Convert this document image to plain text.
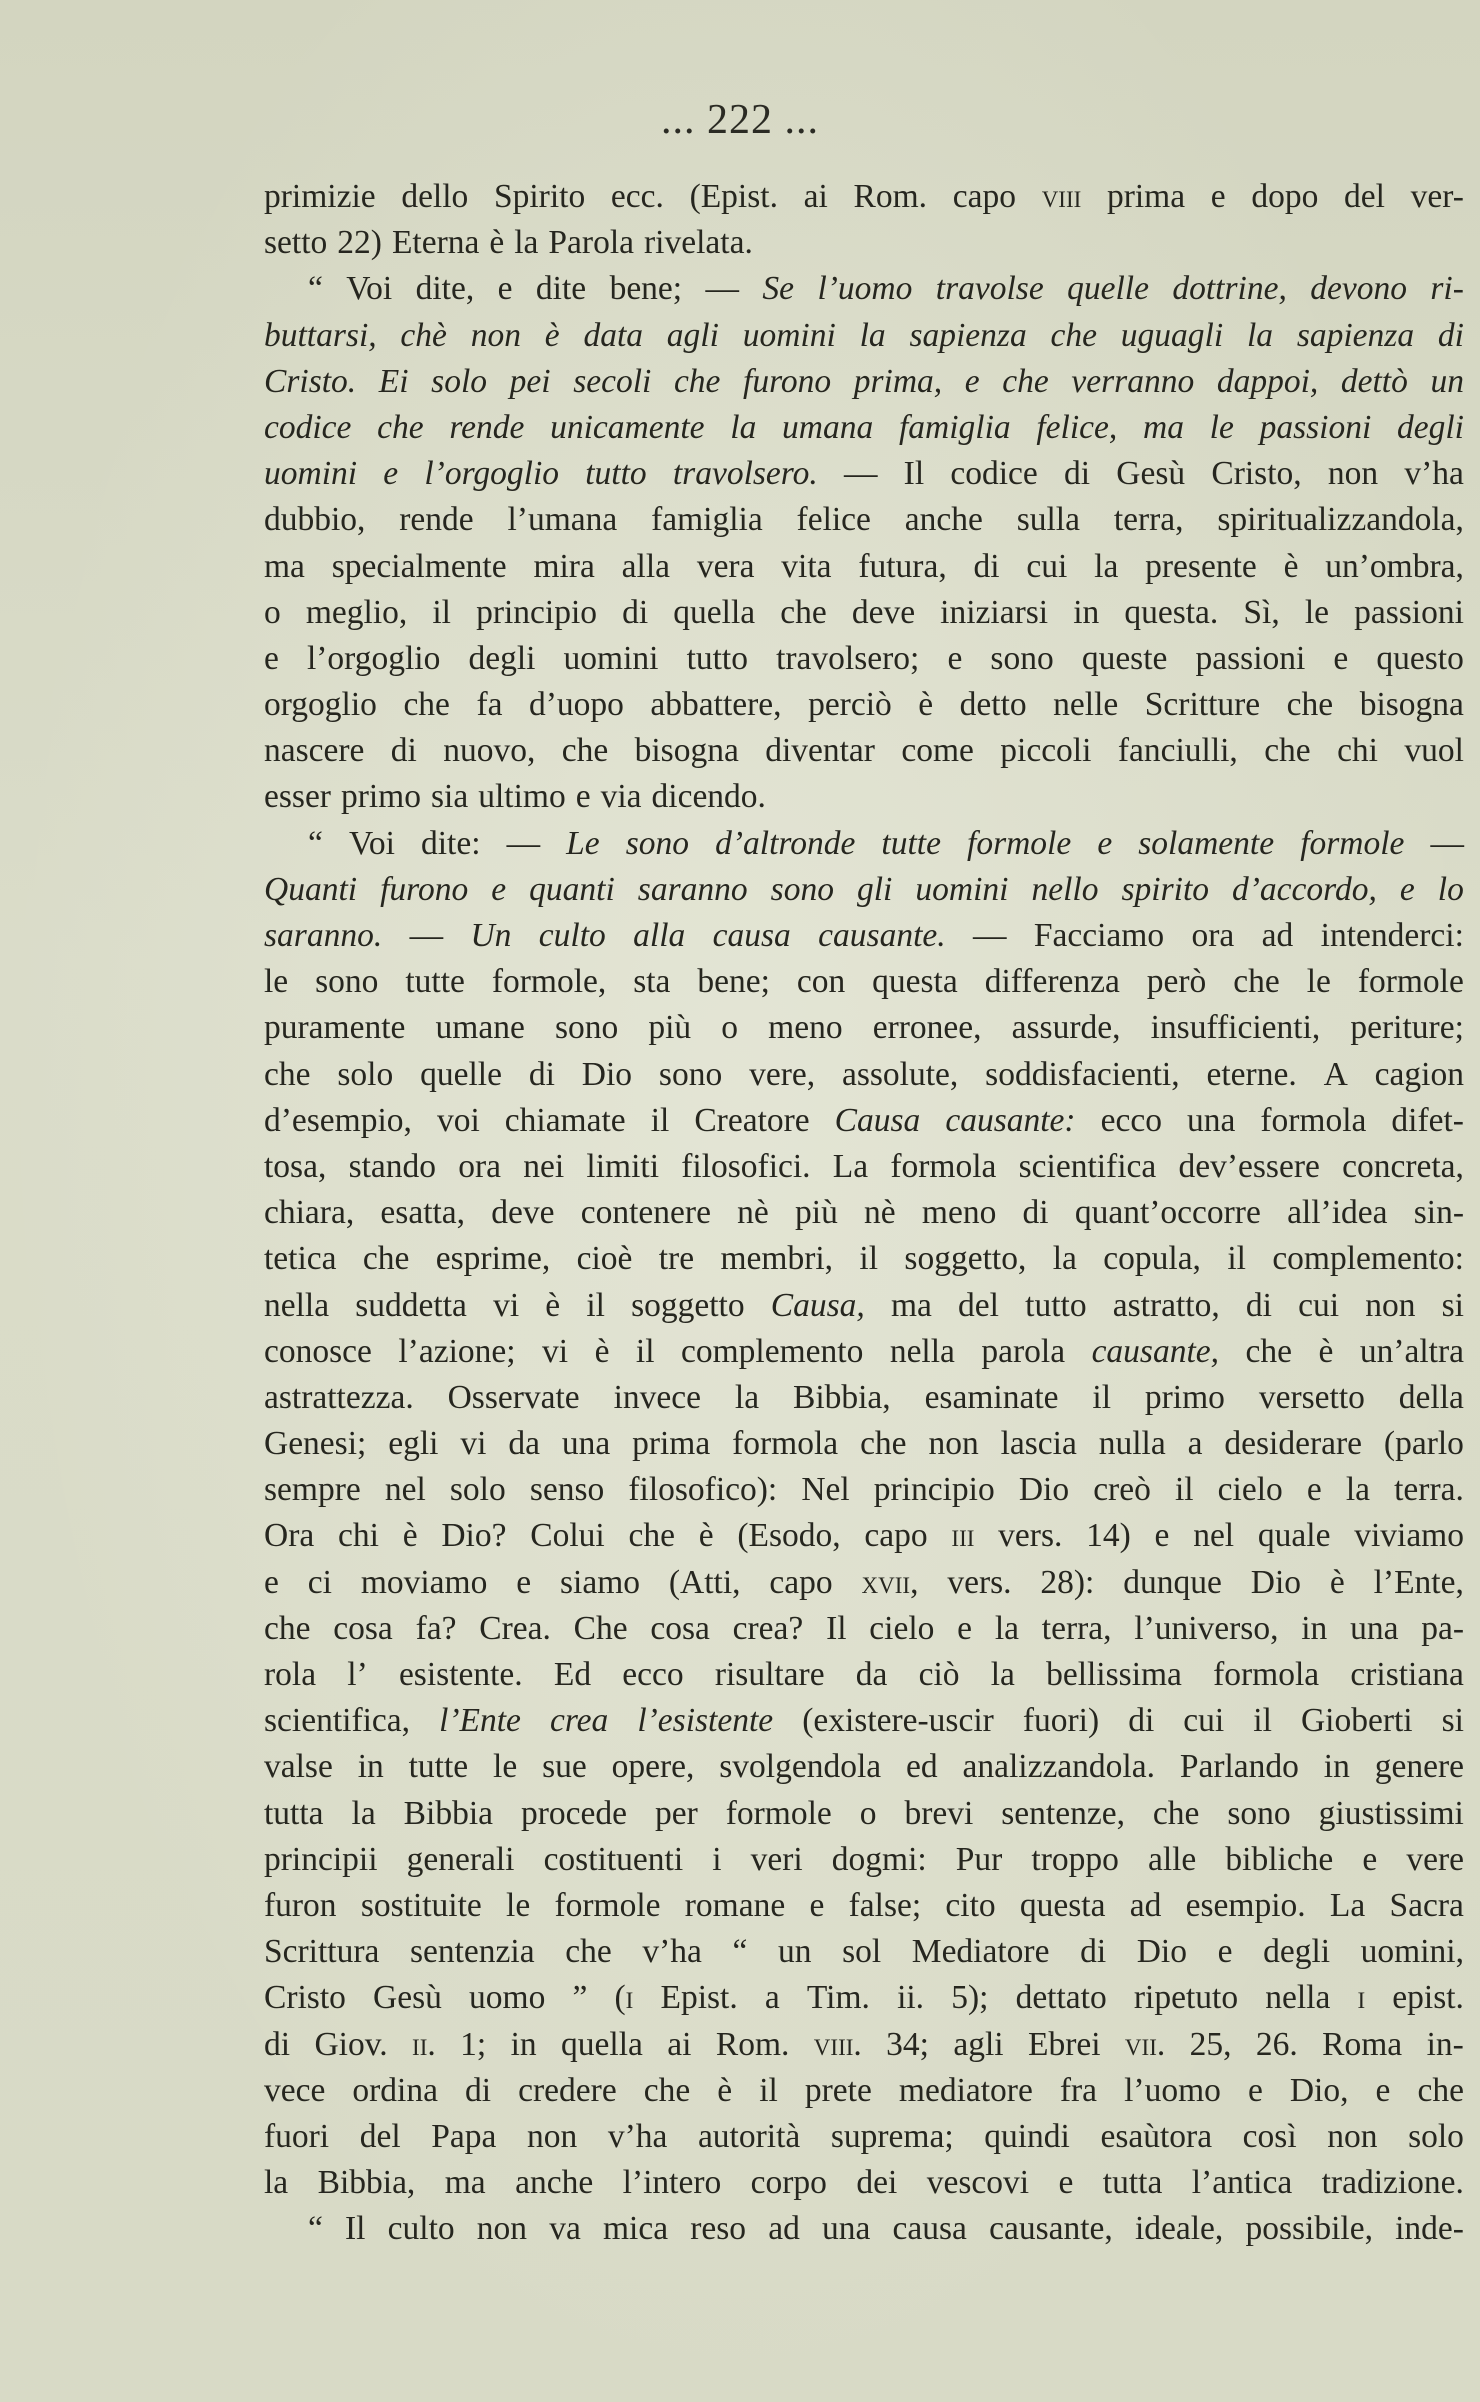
... 222 ...
primizie dello Spirito ecc. (Epist. ai Rom. capo viii prima e dopo del ver-
setto 22) Eterna è la Parola rivelata.
“ Voi dite, e dite bene; — Se l’uomo travolse quelle dottrine, devono ri-
buttarsi, chè non è data agli uomini la sapienza che uguagli la sapienza di
Cristo. Ei solo pei secoli che furono prima, e che verranno dappoi, dettò un
codice che rende unicamente la umana famiglia felice, ma le passioni degli
uomini e l’orgoglio tutto travolsero. — Il codice di Gesù Cristo, non v’ha
dubbio, rende l’umana famiglia felice anche sulla terra, spiritualizzandola,
ma specialmente mira alla vera vita futura, di cui la presente è un’ombra,
o meglio, il principio di quella che deve iniziarsi in questa. Sì, le passioni
e l’orgoglio degli uomini tutto travolsero; e sono queste passioni e questo
orgoglio che fa d’uopo abbattere, perciò è detto nelle Scritture che bisogna
nascere di nuovo, che bisogna diventar come piccoli fanciulli, che chi vuol
esser primo sia ultimo e via dicendo.
“ Voi dite: — Le sono d’altronde tutte formole e solamente formole —
Quanti furono e quanti saranno sono gli uomini nello spirito d’accordo, e lo
saranno. — Un culto alla causa causante. — Facciamo ora ad intenderci:
le sono tutte formole, sta bene; con questa differenza però che le formole
puramente umane sono più o meno erronee, assurde, insufficienti, periture;
che solo quelle di Dio sono vere, assolute, soddisfacienti, eterne. A cagion
d’esempio, voi chiamate il Creatore Causa causante: ecco una formola difet-
tosa, stando ora nei limiti filosofici. La formola scientifica dev’essere concreta,
chiara, esatta, deve contenere nè più nè meno di quant’occorre all’idea sin-
tetica che esprime, cioè tre membri, il soggetto, la copula, il complemento:
nella suddetta vi è il soggetto Causa, ma del tutto astratto, di cui non si
conosce l’azione; vi è il complemento nella parola causante, che è un’altra
astrattezza. Osservate invece la Bibbia, esaminate il primo versetto della
Genesi; egli vi da una prima formola che non lascia nulla a desiderare (parlo
sempre nel solo senso filosofico): Nel principio Dio creò il cielo e la terra.
Ora chi è Dio? Colui che è (Esodo, capo iii vers. 14) e nel quale viviamo
e ci moviamo e siamo (Atti, capo xvii, vers. 28): dunque Dio è l’Ente,
che cosa fa? Crea. Che cosa crea? Il cielo e la terra, l’universo, in una pa-
rola l’ esistente. Ed ecco risultare da ciò la bellissima formola cristiana
scientifica, l’Ente crea l’esistente (existere-uscir fuori) di cui il Gioberti si
valse in tutte le sue opere, svolgendola ed analizzandola. Parlando in genere
tutta la Bibbia procede per formole o brevi sentenze, che sono giustissimi
principii generali costituenti i veri dogmi: Pur troppo alle bibliche e vere
furon sostituite le formole romane e false; cito questa ad esempio. La Sacra
Scrittura sentenzia che v’ha “ un sol Mediatore di Dio e degli uomini,
Cristo Gesù uomo ” (i Epist. a Tim. ii. 5); dettato ripetuto nella i epist.
di Giov. ii. 1; in quella ai Rom. viii. 34; agli Ebrei vii. 25, 26. Roma in-
vece ordina di credere che è il prete mediatore fra l’uomo e Dio, e che
fuori del Papa non v’ha autorità suprema; quindi esaùtora così non solo
la Bibbia, ma anche l’intero corpo dei vescovi e tutta l’antica tradizione.
“ Il culto non va mica reso ad una causa causante, ideale, possibile, inde-
